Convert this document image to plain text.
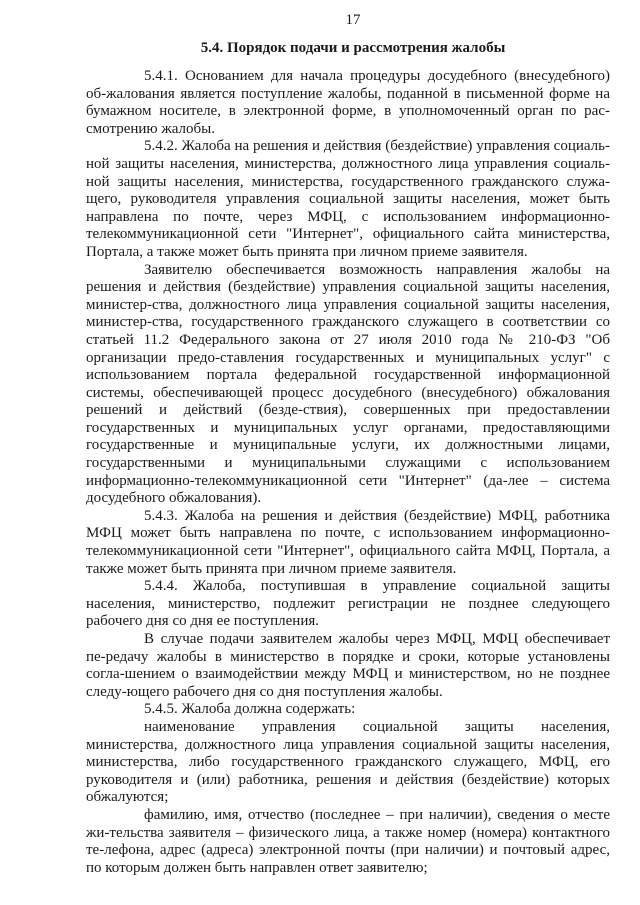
17
5.4. Порядок подачи и рассмотрения жалобы

5.4.1. Основанием для начала процедуры досудебного (внесудебного) об-жалования является поступление жалобы, поданной в письменной форме на бумажном носителе, в электронной форме, в уполномоченный орган по рас-смотрению жалобы.

5.4.2. Жалоба на решения и действия (бездействие) управления социаль-ной защиты населения, министерства, должностного лица управления социаль-ной защиты населения, министерства, государственного гражданского служа-щего, руководителя управления социальной защиты населения, может быть направлена по почте, через МФЦ, с использованием информационно-телекоммуникационной сети "Интернет", официального сайта министерства, Портала, а также может быть принята при личном приеме заявителя.

Заявителю обеспечивается возможность направления жалобы на решения и действия (бездействие) управления социальной защиты населения, министер-ства, должностного лица управления социальной защиты населения, министер-ства, государственного гражданского служащего в соответствии со статьей 11.2 Федерального закона от 27 июля 2010 года № 210-ФЗ "Об организации предо-ставления государственных и муниципальных услуг" с использованием портала федеральной государственной информационной системы, обеспечивающей процесс досудебного (внесудебного) обжалования решений и действий (безде-ствия), совершенных при предоставлении государственных и муниципальных услуг органами, предоставляющими государственные и муниципальные услуги, их должностными лицами, государственными и муниципальными служащими с использованием информационно-телекоммуникационной сети "Интернет" (да-лее – система досудебного обжалования).

5.4.3. Жалоба на решения и действия (бездействие) МФЦ, работника МФЦ может быть направлена по почте, с использованием информационно-телекоммуникационной сети "Интернет", официального сайта МФЦ, Портала, а также может быть принята при личном приеме заявителя.

5.4.4. Жалоба, поступившая в управление социальной защиты населения, министерство, подлежит регистрации не позднее следующего рабочего дня со дня ее поступления.

В случае подачи заявителем жалобы через МФЦ, МФЦ обеспечивает пе-редачу жалобы в министерство в порядке и сроки, которые установлены согла-шением о взаимодействии между МФЦ и министерством, но не позднее следу-ющего рабочего дня со дня поступления жалобы.

5.4.5. Жалоба должна содержать:

наименование управления социальной защиты населения, министерства, должностного лица управления социальной защиты населения, министерства, либо государственного гражданского служащего, МФЦ, его руководителя и (или) работника, решения и действия (бездействие) которых обжалуются;

фамилию, имя, отчество (последнее – при наличии), сведения о месте жи-тельства заявителя – физического лица, а также номер (номера) контактного те-лефона, адрес (адреса) электронной почты (при наличии) и почтовый адрес, по которым должен быть направлен ответ заявителю;
